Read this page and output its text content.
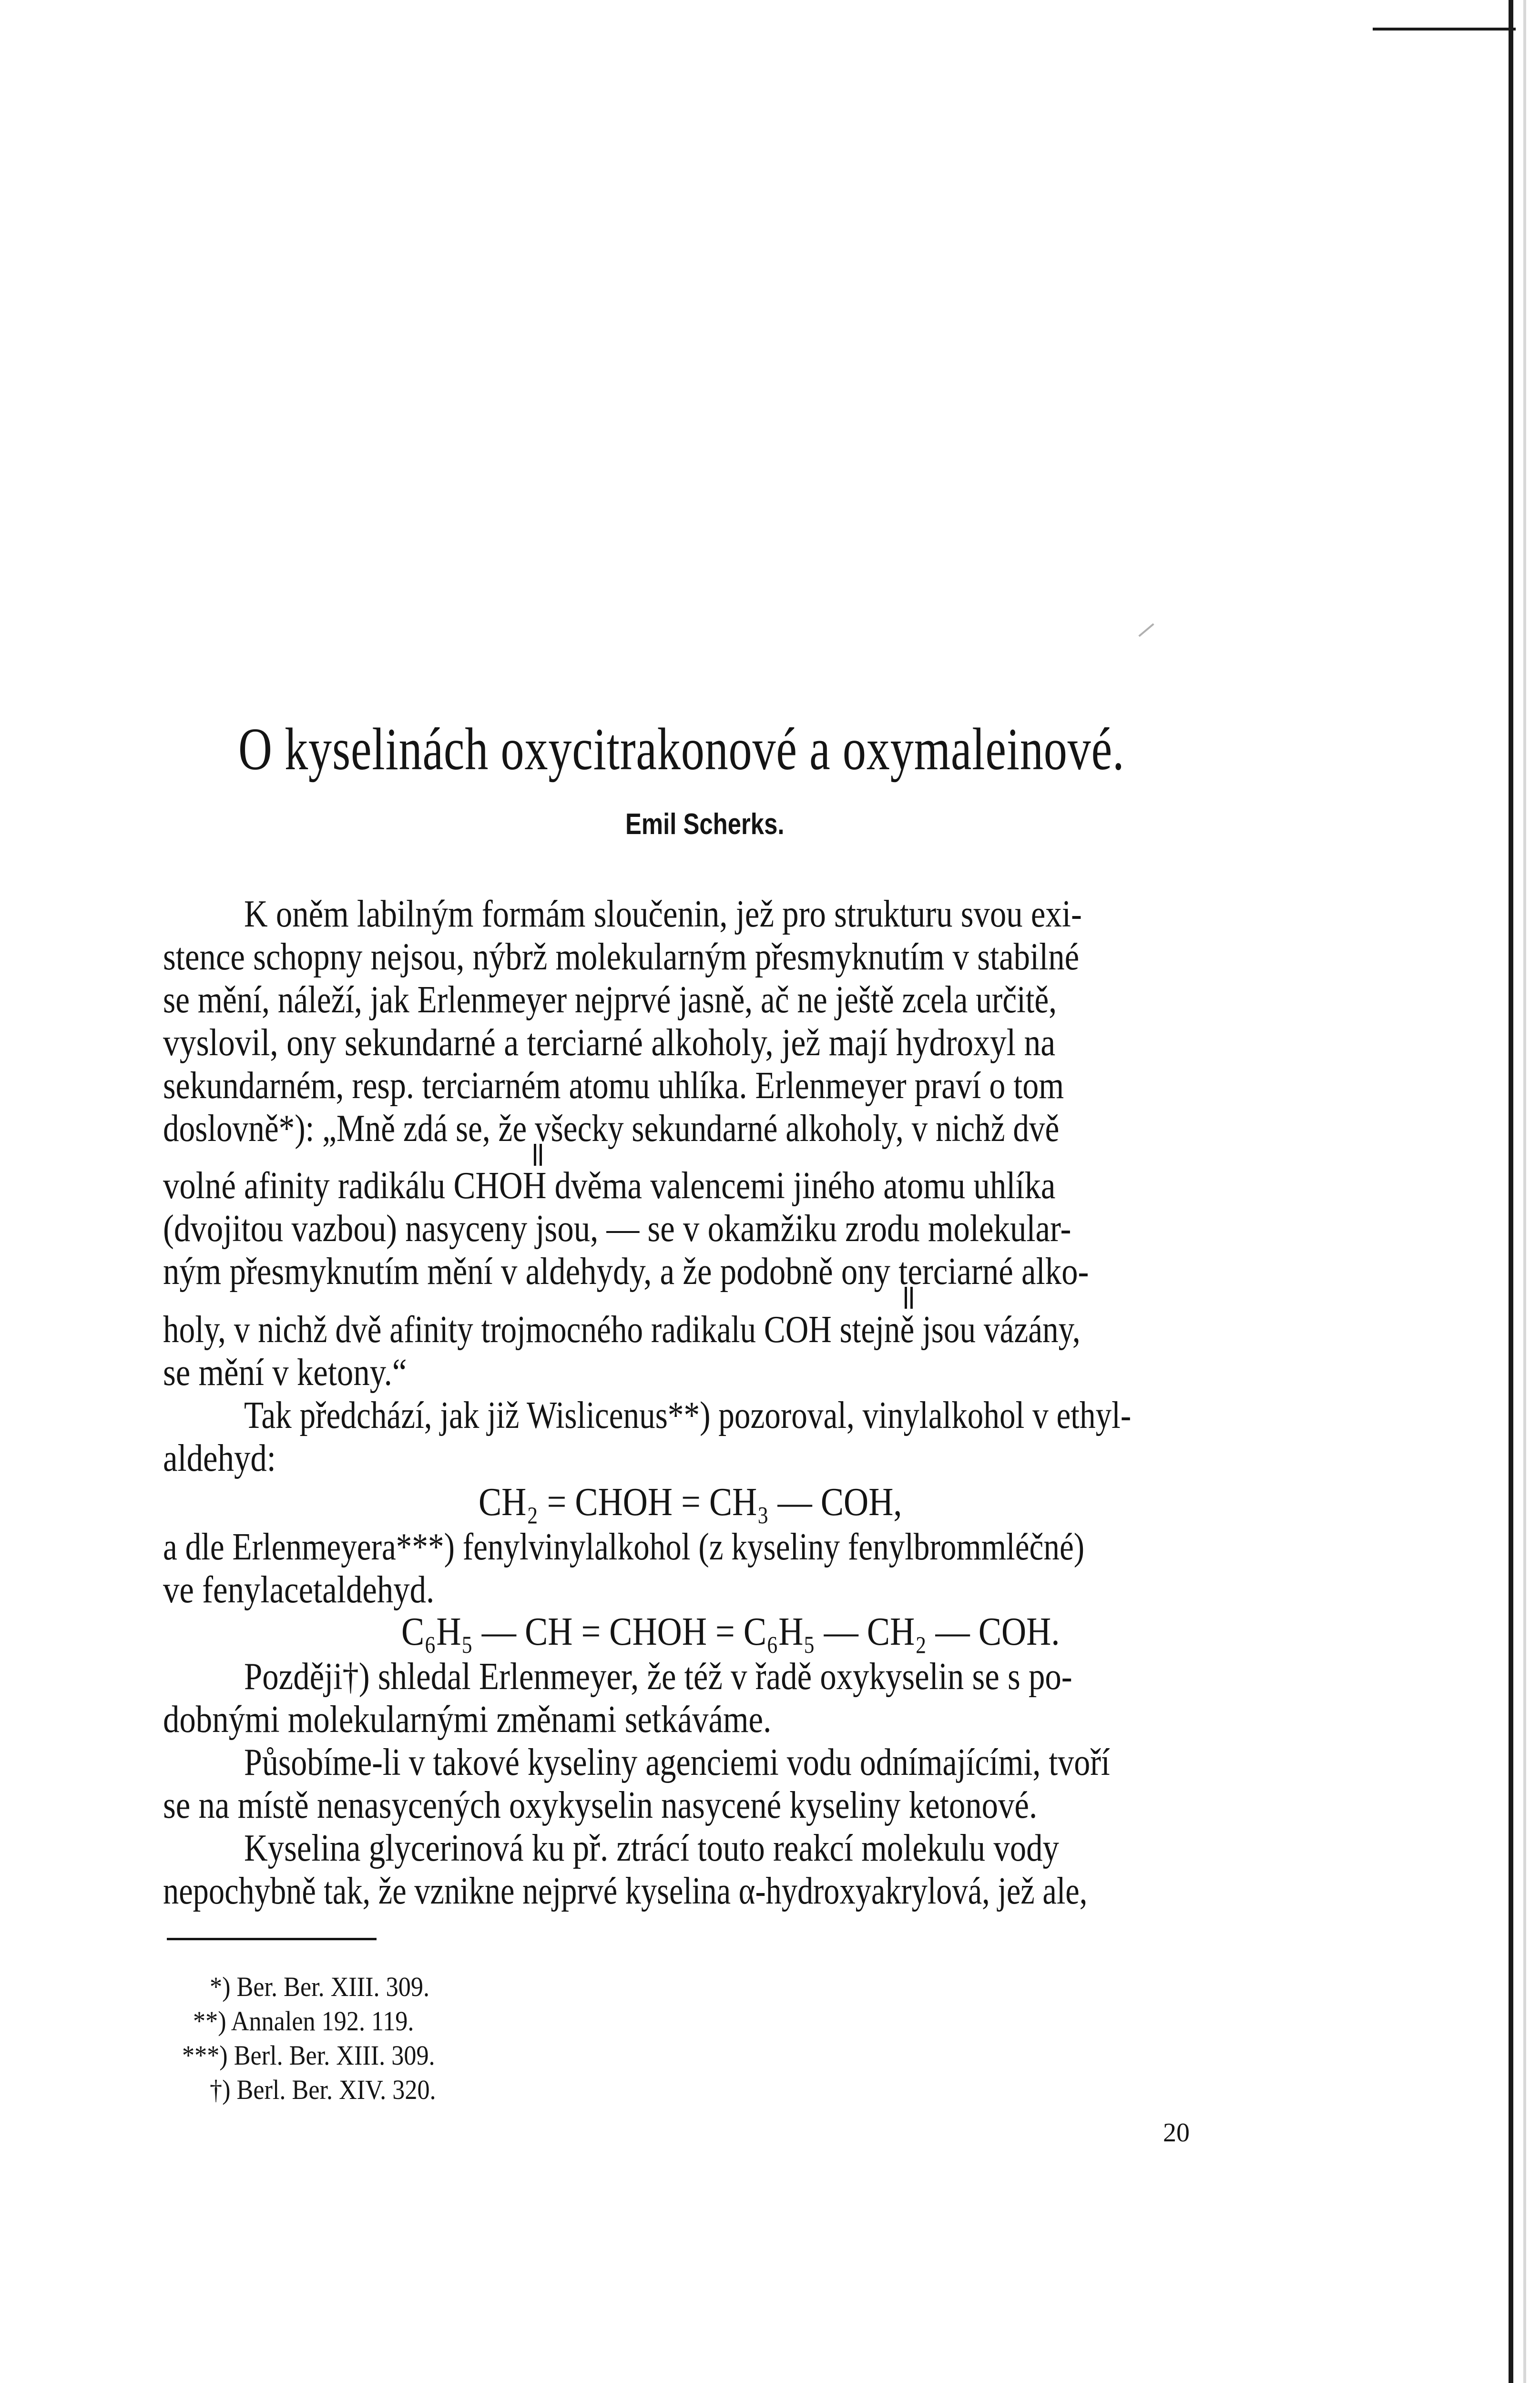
O kyselinách oxycitrakonové a oxymaleinové.
Emil Scherks.
K oněm labilným formám sloučenin, jež pro strukturu svou exi-
stence schopny nejsou, nýbrž molekularným přesmyknutím v stabilné
se mění, náleží, jak Erlenmeyer nejprvé jasně, ač ne ještě zcela určitě,
vyslovil, ony sekundarné a terciarné alkoholy, jež mají hydroxyl na
sekundarném, resp. terciarném atomu uhlíka. Erlenmeyer praví o tom
doslovně*): „Mně zdá se, že všecky sekundarné alkoholy, v nichž dvě
volné afinity radikálu CHOH dvěma valencemi jiného atomu uhlíka
(dvojitou vazbou) nasyceny jsou, — se v okamžiku zrodu molekular-
ným přesmyknutím mění v aldehydy, a že podobně ony terciarné alko-
holy, v nichž dvě afinity trojmocného radikalu COH stejně jsou vázány,
se mění v ketony.“
Tak předchází, jak již Wislicenus**) pozoroval, vinylalkohol v ethyl-
aldehyd:
CH₂ = CHOH = CH₃ — COH,
a dle Erlenmeyera***) fenylvinylalkohol (z kyseliny fenylbrommléčné)
ve fenylacetaldehyd.
C₆H₅ — CH = CHOH = C₆H₅ — CH₂ — COH.
Později†) shledal Erlenmeyer, že též v řadě oxykyselin se s po-
dobnými molekularnými změnami setkáváme.
Působíme-li v takové kyseliny agenciemi vodu odnímajícími, tvoří
se na místě nenasycených oxykyselin nasycené kyseliny ketonové.
Kyselina glycerinová ku př. ztrácí touto reakcí molekulu vody
nepochybně tak, že vznikne nejprvé kyselina α-hydroxyakrylová, jež ale,
*) Ber. Ber. XIII. 309.
**) Annalen 192. 119.
***) Berl. Ber. XIII. 309.
†) Berl. Ber. XIV. 320.
20
